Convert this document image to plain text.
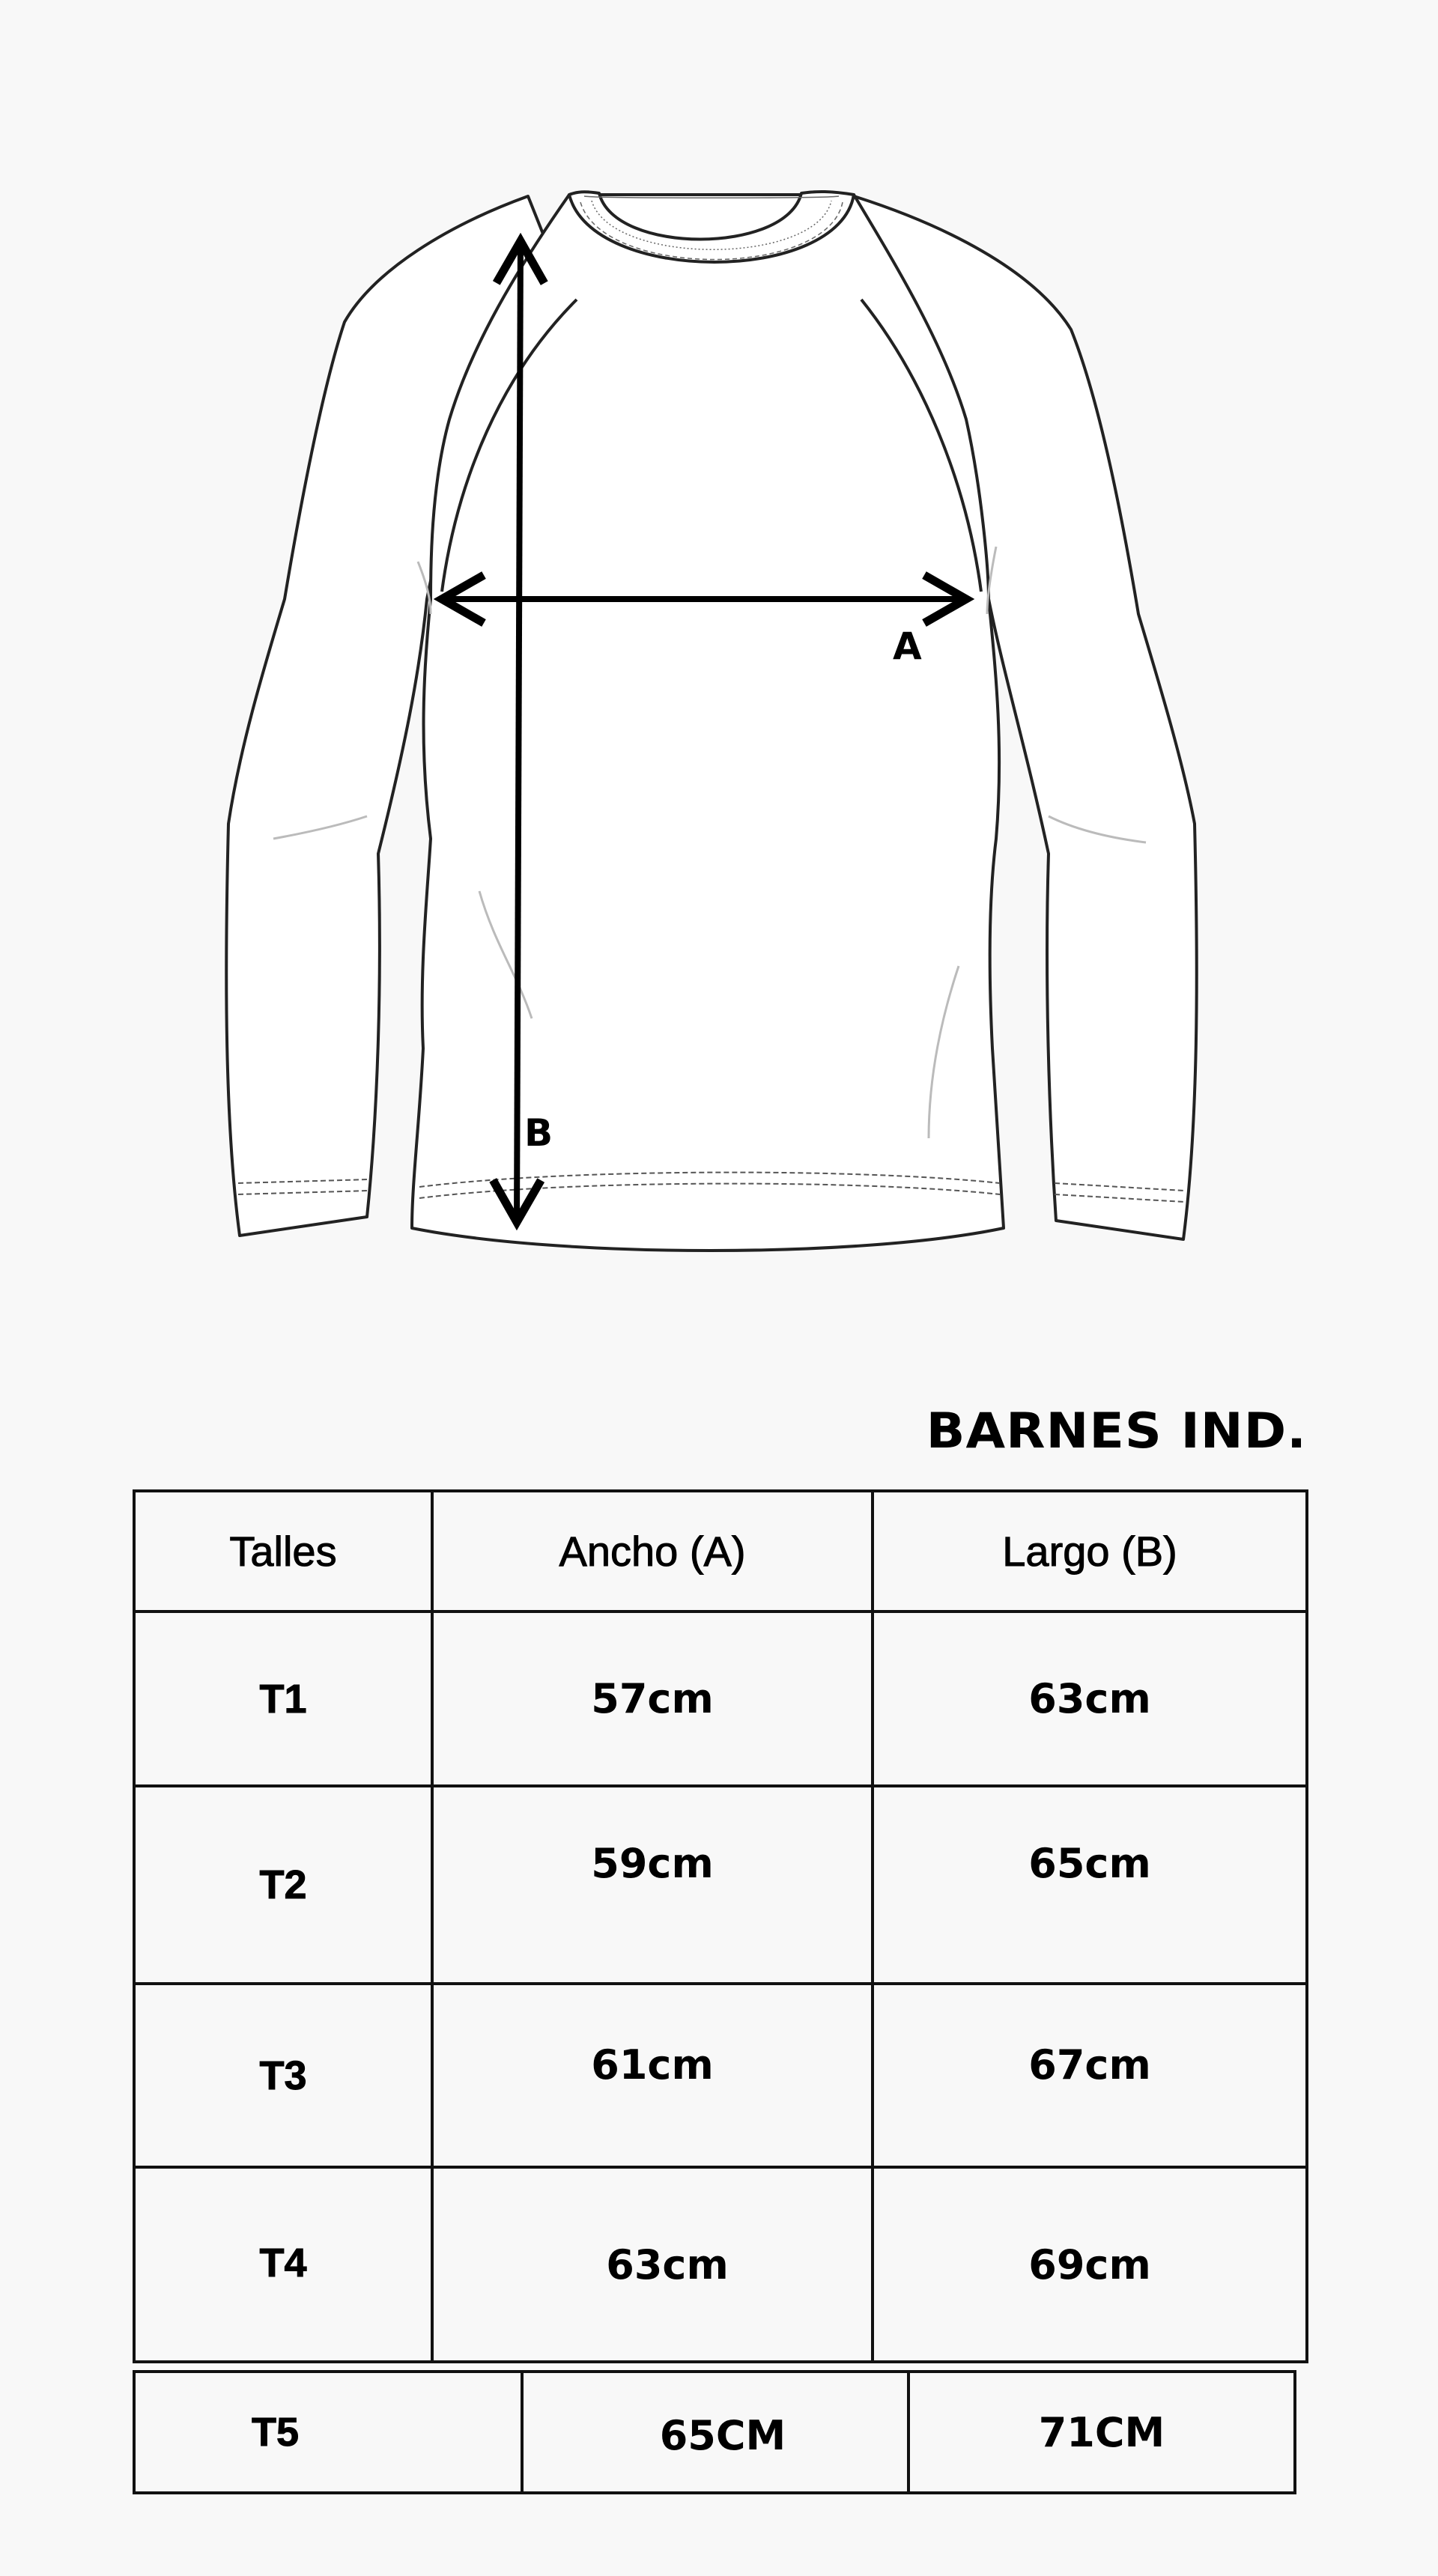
A
B
BARNES IND.
Talles	Ancho (A)	Largo (B)
T1	57cm	63cm
T2	59cm	65cm
T3	61cm	67cm
T4	63cm	69cm
T5	65CM	71CM
